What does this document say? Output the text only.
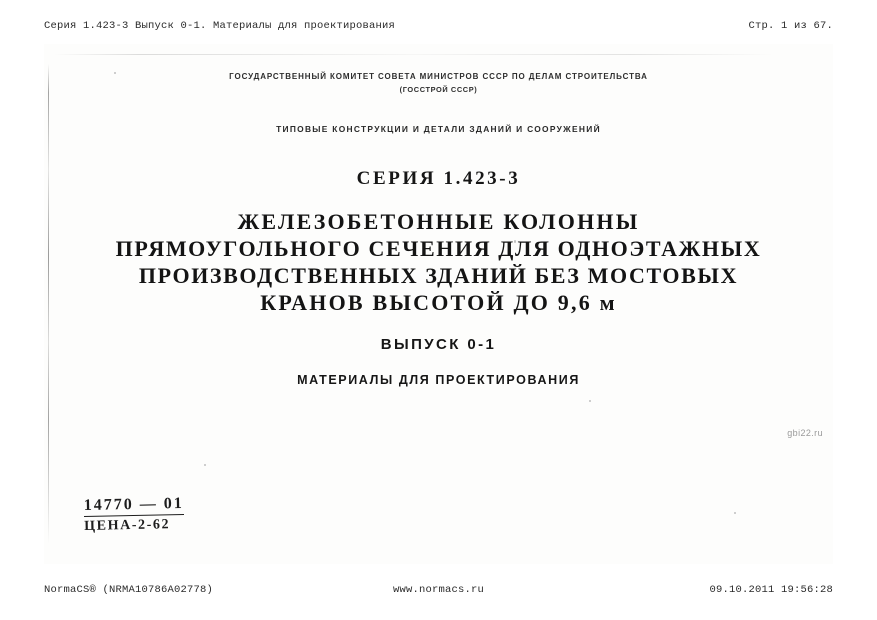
Серия 1.423-3 Выпуск 0-1. Материалы для проектирования	Стр. 1 из 67.
ГОСУДАРСТВЕННЫЙ КОМИТЕТ СОВЕТА МИНИСТРОВ СССР ПО ДЕЛАМ СТРОИТЕЛЬСТВА
(ГОССТРОЙ СССР)
ТИПОВЫЕ КОНСТРУКЦИИ И ДЕТАЛИ ЗДАНИЙ И СООРУЖЕНИЙ
СЕРИЯ 1.423-3
ЖЕЛЕЗОБЕТОННЫЕ КОЛОННЫ
ПРЯМОУГОЛЬНОГО СЕЧЕНИЯ ДЛЯ ОДНОЭТАЖНЫХ
ПРОИЗВОДСТВЕННЫХ ЗДАНИЙ БЕЗ МОСТОВЫХ
КРАНОВ ВЫСОТОЙ ДО 9,6 м
ВЫПУСК 0-1
МАТЕРИАЛЫ ДЛЯ ПРОЕКТИРОВАНИЯ
14770 — 01
ЦЕНА-2-62
gbi22.ru
NormaCS® (NRMA10786A02778)	www.normacs.ru	09.10.2011 19:56:28
